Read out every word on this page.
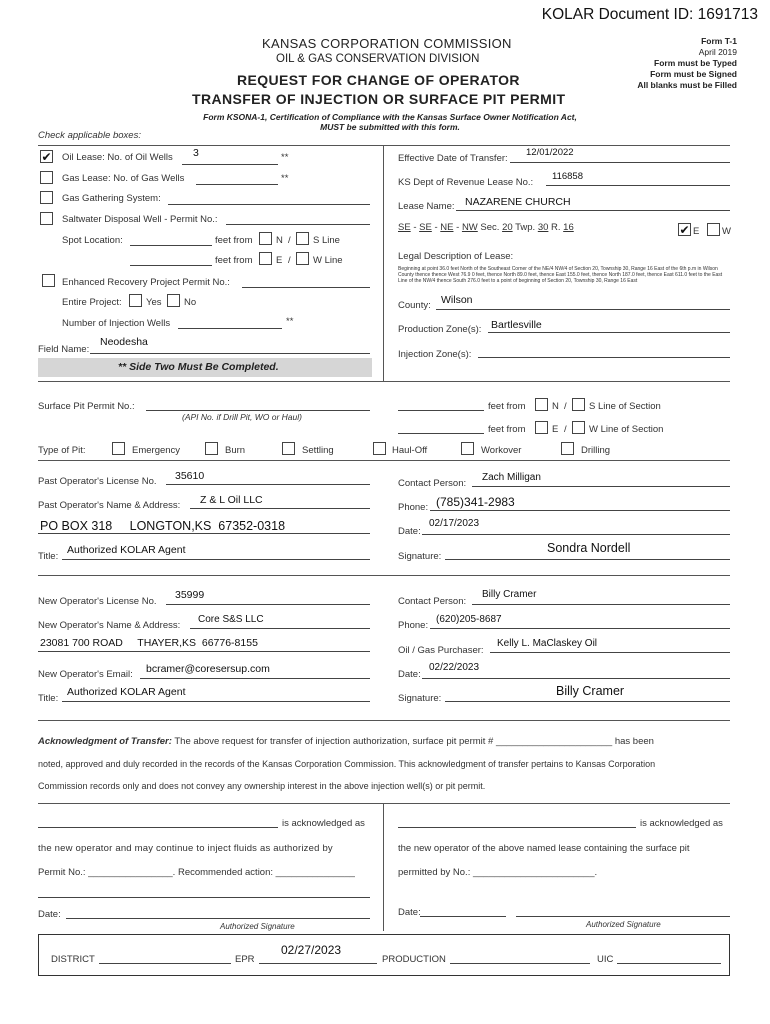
KOLAR Document ID: 1691713
KANSAS CORPORATION COMMISSION
OIL & GAS CONSERVATION DIVISION
REQUEST FOR CHANGE OF OPERATOR
TRANSFER OF INJECTION OR SURFACE PIT PERMIT
Form T-1
April 2019
Form must be Typed
Form must be Signed
All blanks must be Filled
Form KSONA-1, Certification of Compliance with the Kansas Surface Owner Notification Act,
MUST be submitted with this form.
Check applicable boxes:
✔ Oil Lease: No. of Oil Wells 3	**
Gas Lease: No. of Gas Wells	**
Gas Gathering System:
Saltwater Disposal Well - Permit No.:
Spot Location:	feet from N / S Line
feet from E / W Line
Enhanced Recovery Project Permit No.:
Entire Project:	Yes No
Number of Injection Wells	**
Field Name:
Neodesha
** Side Two Must Be Completed.
Effective Date of Transfer:
12/01/2022
KS Dept of Revenue Lease No.:
116858
Lease Name: NAZARENE CHURCH
SE - SE - NE - NW Sec. 20 Twp. 30 R. 16	✔ E W
Legal Description of Lease:
Beginning at point 36.0 feet North of the Southeast Corner of the NE/4 NW/4 of Section 20, Township 30, Range 16 East of the 6th p.m in Wilson County thence thence West 76.9 0 feet, thence North 89.0 feet, thence East 155.0 feet, thence North 187.0 feet, thence East 611.0 feet to the East Line of the NW/4 thence South 276.0 feet to a point of beginning of Section 20, Township 30, Range 16 East
County: Wilson
Production Zone(s): Bartlesville
Injection Zone(s):
Surface Pit Permit No.:
(API No. if Drill Pit, WO or Haul)
feet from	N / S Line of Section
feet from	E / W Line of Section
Type of Pit:	Emergency	Burn	Settling	Haul-Off	Workover	Drilling
Past Operator's License No. 35610
Past Operator's Name & Address: Z & L Oil LLC
PO BOX 318     LONGTON,KS  67352-0318
Title:
Authorized KOLAR Agent
Contact Person:
Zach Milligan
Phone: (785)341-2983
Date:
02/17/2023
Signature:
Sondra Nordell
New Operator's License No.
35999
New Operator's Name & Address:
Core S&S LLC
23081 700 ROAD     THAYER,KS  66776-8155
New Operator's Email: bcramer@coresersup.com
Title:
Authorized KOLAR Agent
Contact Person:
Billy Cramer
Phone:
(620)205-8687
Oil / Gas Purchaser:
Kelly L. MaClaskey Oil
Date:
02/22/2023
Signature:
Billy Cramer
Acknowledgment of Transfer: The above request for transfer of injection authorization, surface pit permit # ______________________ has been
noted, approved and duly recorded in the records of the Kansas Corporation Commission. This acknowledgment of transfer pertains to Kansas Corporation
Commission records only and does not convey any ownership interest in the above injection well(s) or pit permit.
is acknowledged as
the new operator and may continue to inject fluids as authorized by
Permit No.: ________________. Recommended action: _______________
Date:
Authorized Signature
is acknowledged as
the new operator of the above named lease containing the surface pit
permitted by No.: _______________________.
Date:
Authorized Signature
DISTRICT	EPR
02/27/2023
PRODUCTION	UIC
